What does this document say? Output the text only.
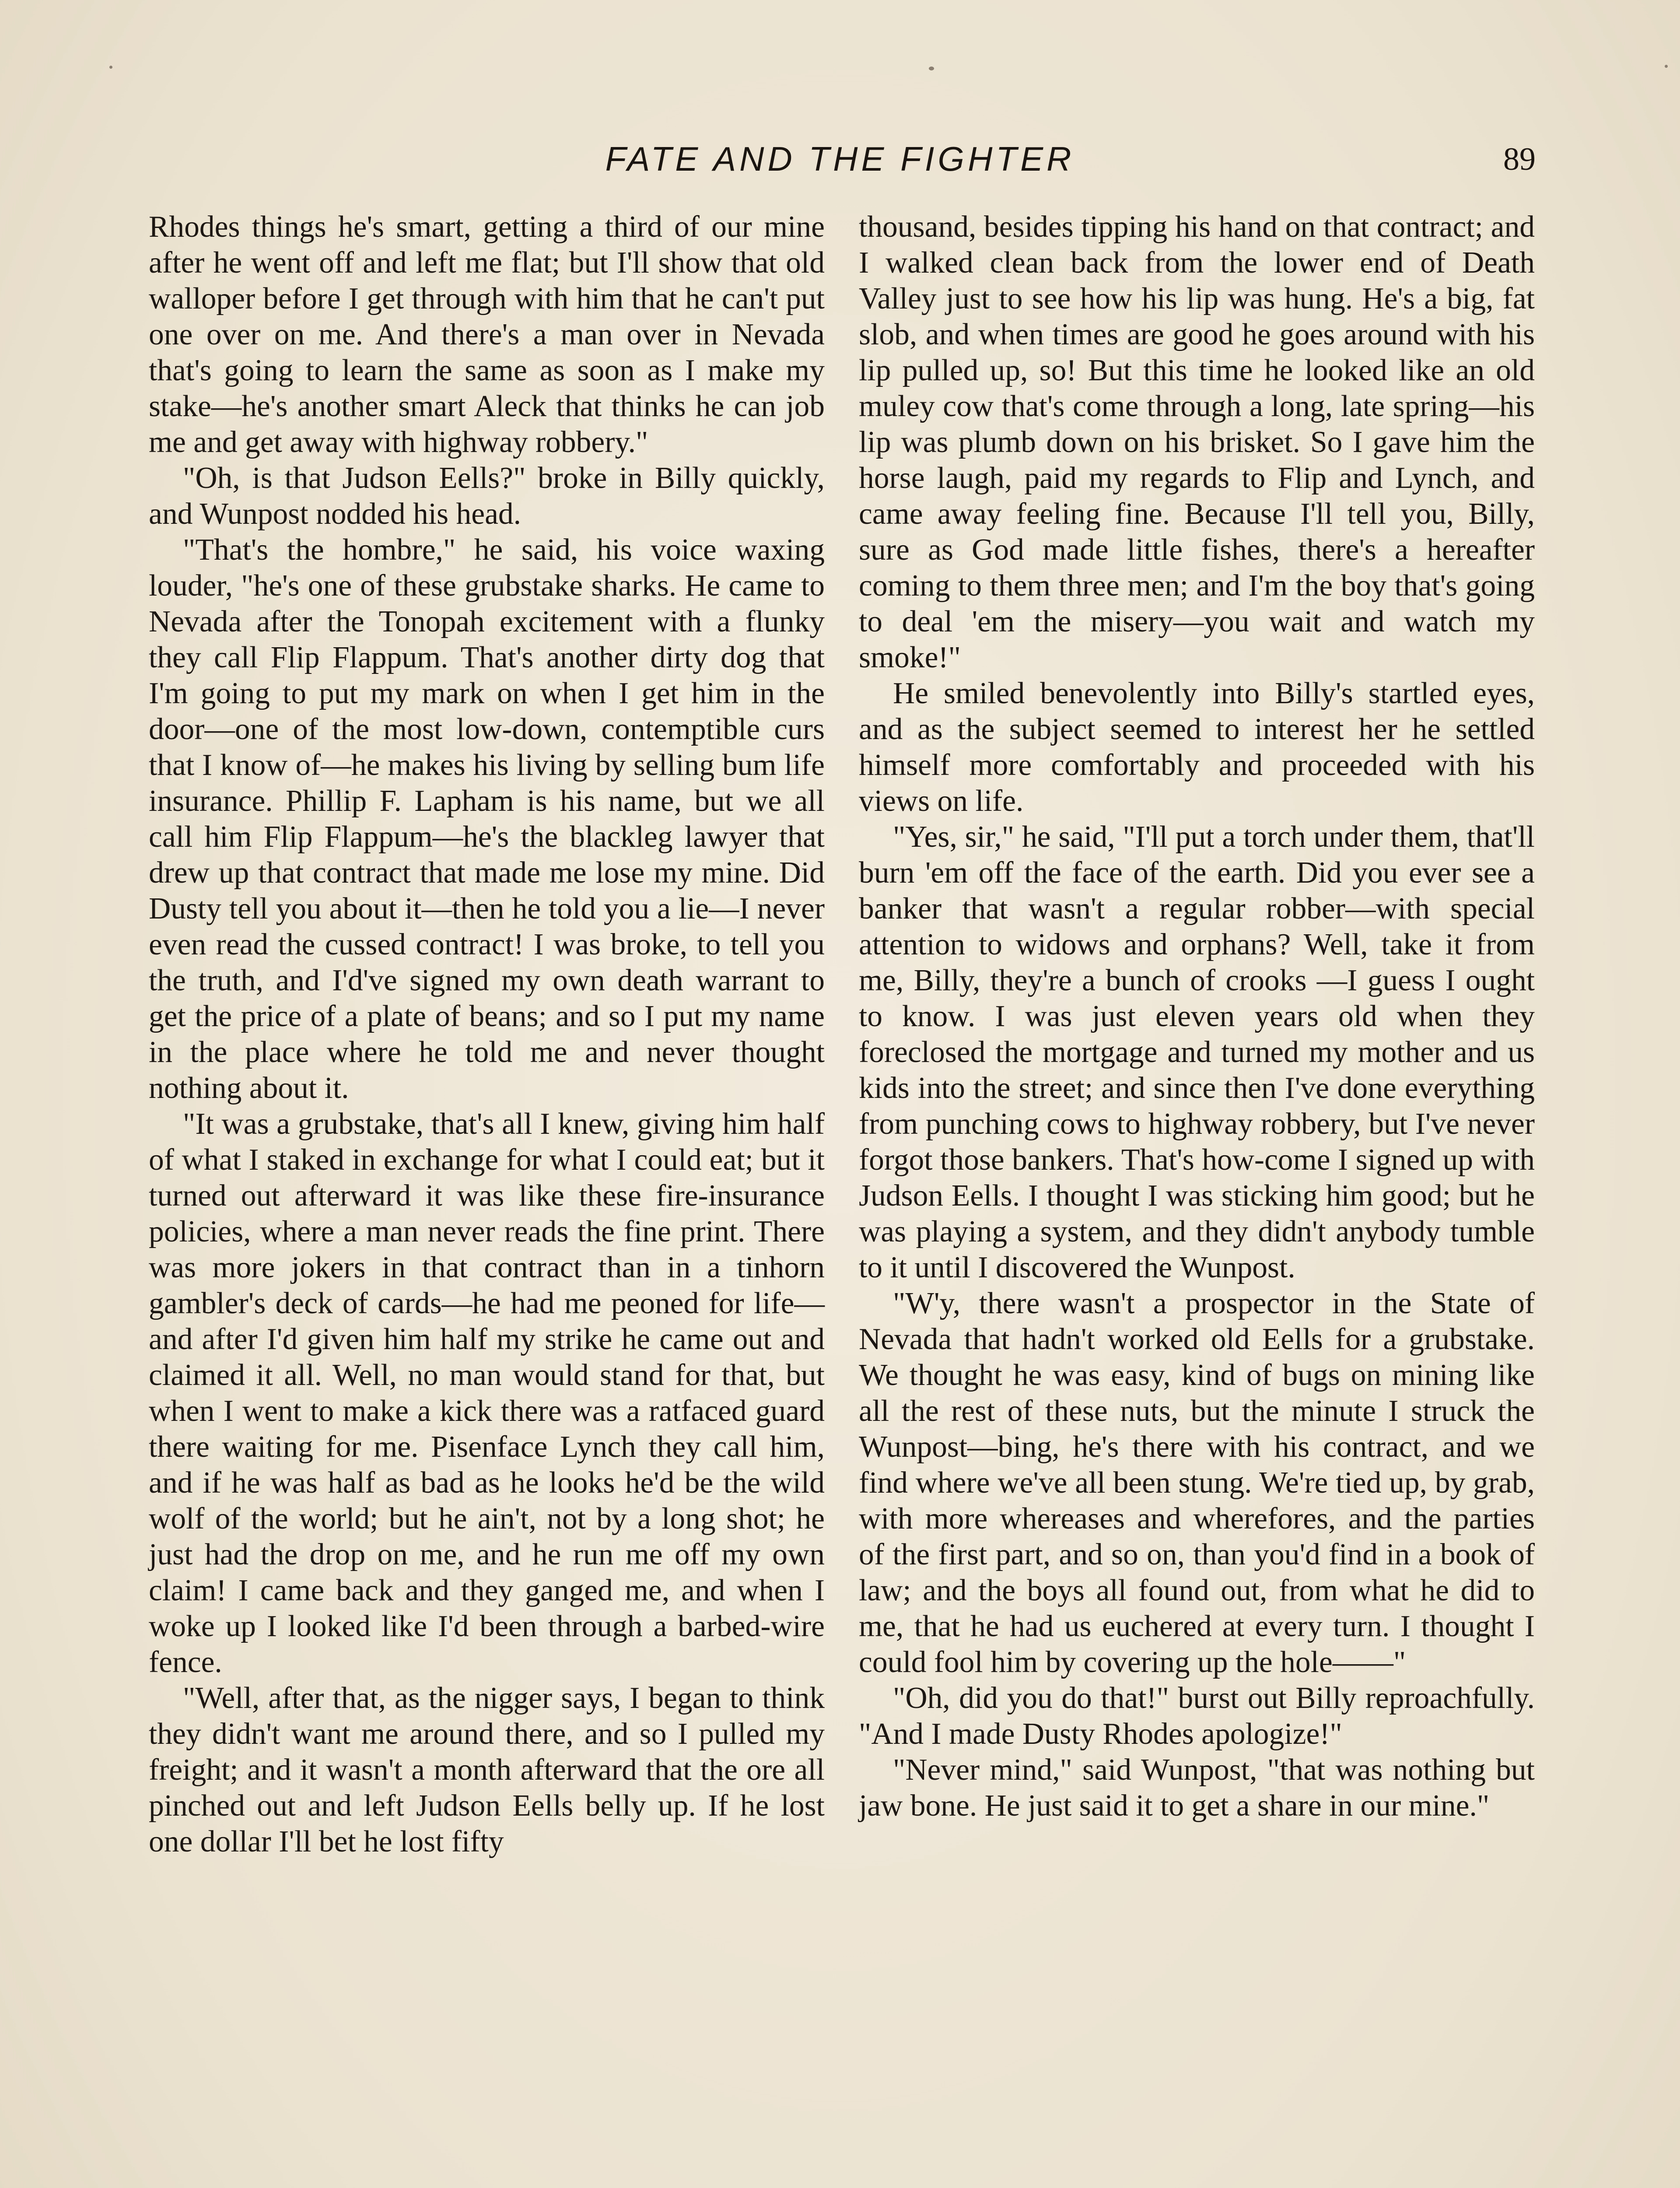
FATE AND THE FIGHTER	89

Rhodes things he's smart, getting a third of our mine after he went off and left me flat; but I'll show that old walloper before I get through with him that he can't put one over on me. And there's a man over in Nevada that's going to learn the same as soon as I make my stake—he's another smart Aleck that thinks he can job me and get away with highway robbery."

"Oh, is that Judson Eells?" broke in Billy quickly, and Wunpost nodded his head.

"That's the hombre," he said, his voice waxing louder, "he's one of these grubstake sharks. He came to Nevada after the Tonopah excitement with a flunky they call Flip Flappum. That's another dirty dog that I'm going to put my mark on when I get him in the door—one of the most low-down, contemptible curs that I know of—he makes his living by selling bum life insurance. Phillip F. Lapham is his name, but we all call him Flip Flappum—he's the blackleg lawyer that drew up that contract that made me lose my mine. Did Dusty tell you about it—then he told you a lie—I never even read the cussed contract! I was broke, to tell you the truth, and I'd've signed my own death warrant to get the price of a plate of beans; and so I put my name in the place where he told me and never thought nothing about it.

"It was a grubstake, that's all I knew, giving him half of what I staked in exchange for what I could eat; but it turned out afterward it was like these fire-insurance policies, where a man never reads the fine print. There was more jokers in that contract than in a tinhorn gambler's deck of cards—he had me peoned for life—and after I'd given him half my strike he came out and claimed it all. Well, no man would stand for that, but when I went to make a kick there was a ratfaced guard there waiting for me. Pisenface Lynch they call him, and if he was half as bad as he looks he'd be the wild wolf of the world; but he ain't, not by a long shot; he just had the drop on me, and he run me off my own claim! I came back and they ganged me, and when I woke up I looked like I'd been through a barbed-wire fence.

"Well, after that, as the nigger says, I began to think they didn't want me around there, and so I pulled my freight; and it wasn't a month afterward that the ore all pinched out and left Judson Eells belly up. If he lost one dollar I'll bet he lost fifty

thousand, besides tipping his hand on that contract; and I walked clean back from the lower end of Death Valley just to see how his lip was hung. He's a big, fat slob, and when times are good he goes around with his lip pulled up, so! But this time he looked like an old muley cow that's come through a long, late spring—his lip was plumb down on his brisket. So I gave him the horse laugh, paid my regards to Flip and Lynch, and came away feeling fine. Because I'll tell you, Billy, sure as God made little fishes, there's a hereafter coming to them three men; and I'm the boy that's going to deal 'em the misery—you wait and watch my smoke!"

He smiled benevolently into Billy's startled eyes, and as the subject seemed to interest her he settled himself more comfortably and proceeded with his views on life.

"Yes, sir," he said, "I'll put a torch under them, that'll burn 'em off the face of the earth. Did you ever see a banker that wasn't a regular robber—with special attention to widows and orphans? Well, take it from me, Billy, they're a bunch of crooks —I guess I ought to know. I was just eleven years old when they foreclosed the mortgage and turned my mother and us kids into the street; and since then I've done everything from punching cows to highway robbery, but I've never forgot those bankers. That's how-come I signed up with Judson Eells. I thought I was sticking him good; but he was playing a system, and they didn't anybody tumble to it until I discovered the Wunpost.

"W'y, there wasn't a prospector in the State of Nevada that hadn't worked old Eells for a grubstake. We thought he was easy, kind of bugs on mining like all the rest of these nuts, but the minute I struck the Wunpost—bing, he's there with his contract, and we find where we've all been stung. We're tied up, by grab, with more whereases and wherefores, and the parties of the first part, and so on, than you'd find in a book of law; and the boys all found out, from what he did to me, that he had us euchered at every turn. I thought I could fool him by covering up the hole——"

"Oh, did you do that!" burst out Billy reproachfully. "And I made Dusty Rhodes apologize!"

"Never mind," said Wunpost, "that was nothing but jaw bone. He just said it to get a share in our mine."
